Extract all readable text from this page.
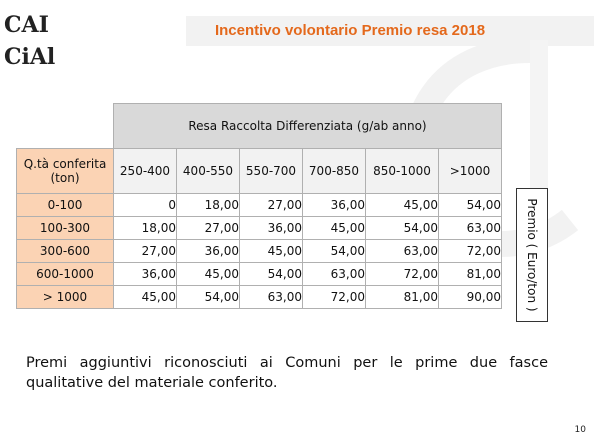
CAI
CiAl
Incentivo volontario Premio resa 2018
	Resa Raccolta Differenziata (g/ab anno)					
Q.tà conferita (ton)	250-400	400-550	550-700	700-850	850-1000	>1000
0-100	0	18,00	27,00	36,00	45,00	54,00
100-300	18,00	27,00	36,00	45,00	54,00	63,00
300-600	27,00	36,00	45,00	54,00	63,00	72,00
600-1000	36,00	45,00	54,00	63,00	72,00	81,00
> 1000	45,00	54,00	63,00	72,00	81,00	90,00 Premio ( Euro/ton )
Premi aggiuntivi riconosciuti ai Comuni per le prime due fasce qualitative del materiale conferito.
10
